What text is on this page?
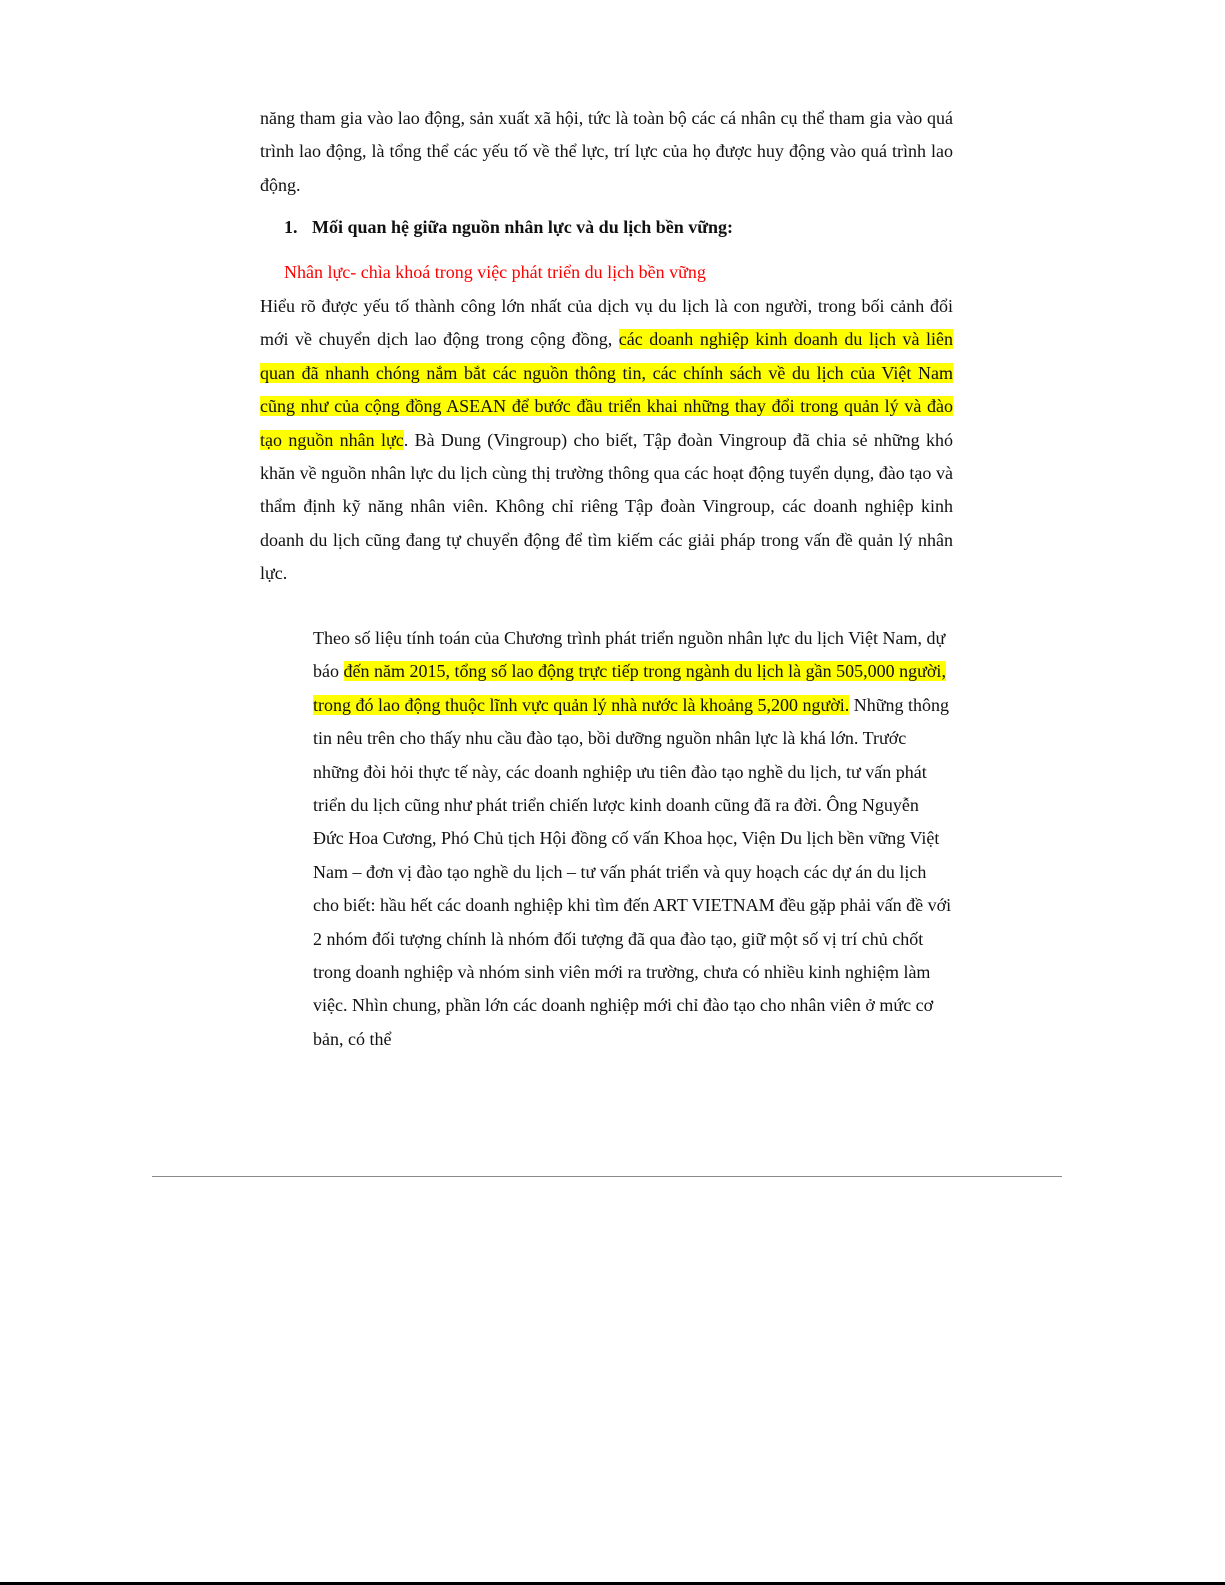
năng tham gia vào lao động, sản xuất xã hội, tức là toàn bộ các cá nhân cụ thể tham gia vào quá trình lao động, là tổng thể các yếu tố về thể lực, trí lực của họ được huy động vào quá trình lao động.

1. Mối quan hệ giữa nguồn nhân lực và du lịch bền vững:
Nhân lực- chìa khoá trong việc phát triển du lịch bền vững

Hiểu rõ được yếu tố thành công lớn nhất của dịch vụ du lịch là con người, trong bối cảnh đổi mới về chuyển dịch lao động trong cộng đồng, các doanh nghiệp kinh doanh du lịch và liên quan đã nhanh chóng nắm bắt các nguồn thông tin, các chính sách về du lịch của Việt Nam cũng như của cộng đồng ASEAN để bước đầu triển khai những thay đổi trong quản lý và đào tạo nguồn nhân lực. Bà Dung (Vingroup) cho biết, Tập đoàn Vingroup đã chia sẻ những khó khăn về nguồn nhân lực du lịch cùng thị trường thông qua các hoạt động tuyển dụng, đào tạo và thẩm định kỹ năng nhân viên. Không chỉ riêng Tập đoàn Vingroup, các doanh nghiệp kinh doanh du lịch cũng đang tự chuyển động để tìm kiếm các giải pháp trong vấn đề quản lý nhân lực.

Theo số liệu tính toán của Chương trình phát triển nguồn nhân lực du lịch Việt Nam, dự báo đến năm 2015, tổng số lao động trực tiếp trong ngành du lịch là gần 505,000 người, trong đó lao động thuộc lĩnh vực quản lý nhà nước là khoảng 5,200 người. Những thông tin nêu trên cho thấy nhu cầu đào tạo, bồi dưỡng nguồn nhân lực là khá lớn. Trước những đòi hỏi thực tế này, các doanh nghiệp ưu tiên đào tạo nghề du lịch, tư vấn phát triển du lịch cũng như phát triển chiến lược kinh doanh cũng đã ra đời. Ông Nguyễn Đức Hoa Cương, Phó Chủ tịch Hội đồng cố vấn Khoa học, Viện Du lịch bền vững Việt Nam – đơn vị đào tạo nghề du lịch – tư vấn phát triển và quy hoạch các dự án du lịch cho biết: hầu hết các doanh nghiệp khi tìm đến ART VIETNAM đều gặp phải vấn đề với 2 nhóm đối tượng chính là nhóm đối tượng đã qua đào tạo, giữ một số vị trí chủ chốt trong doanh nghiệp và nhóm sinh viên mới ra trường, chưa có nhiều kinh nghiệm làm việc. Nhìn chung, phần lớn các doanh nghiệp mới chỉ đào tạo cho nhân viên ở mức cơ bản, có thể
